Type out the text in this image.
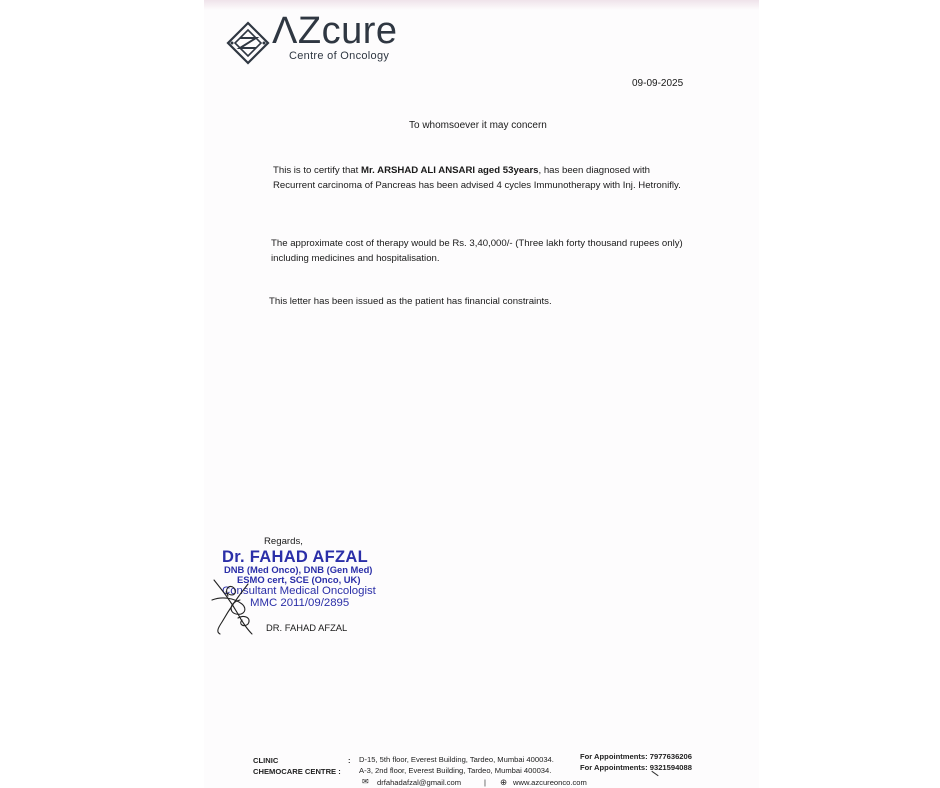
ΛZcure
Centre of Oncology
09-09-2025
To whomsoever it may concern
This is to certify that Mr. ARSHAD ALI ANSARI aged 53years, has been diagnosed with Recurrent carcinoma of Pancreas has been advised 4 cycles Immunotherapy with Inj. Hetronifly.
The approximate cost of therapy would be Rs. 3,40,000/- (Three lakh forty thousand rupees only) including medicines and hospitalisation.
This letter has been issued as the patient has financial constraints.
Regards,
Dr. FAHAD AFZAL
DNB (Med Onco), DNB (Gen Med)
ESMO cert, SCE (Onco, UK)
Consultant Medical Oncologist
MMC 2011/09/2895
DR. FAHAD AFZAL
CLINIC	: D-15, 5th floor, Everest Building, Tardeo, Mumbai 400034.	For Appointments: 7977636206
CHEMOCARE CENTRE : A-3, 2nd floor, Everest Building, Tardeo, Mumbai 400034.	For Appointments: 9321594088
✉ drfahadafzal@gmail.com	| ⊕ www.azcureonco.com
